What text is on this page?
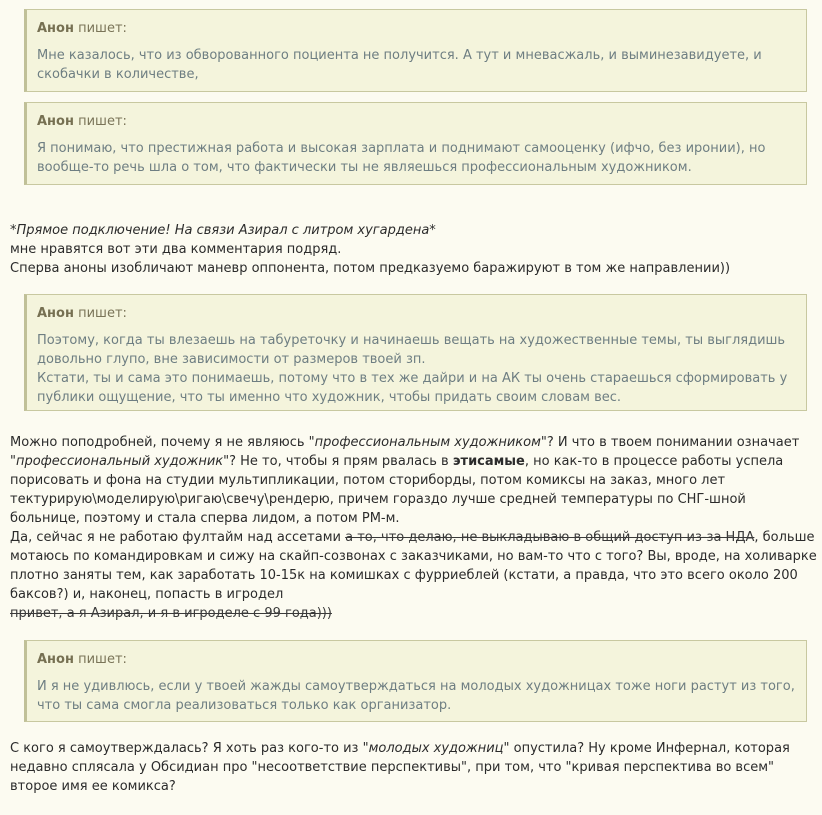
Анон пишет:

Мне казалось, что из обворованного поциента не получится. А тут и мневасжаль, и выминезавидуете, и скобачки в количестве,

Анон пишет:

Я понимаю, что престижная работа и высокая зарплата и поднимают самооценку (ифчо, без иронии), но вообще-то речь шла о том, что фактически ты не являешься профессиональным художником.

*Прямое подключение! На связи Азирал с литром хугардена*

мне нравятся вот эти два комментария подряд.

Сперва аноны изобличают маневр оппонента, потом предказуемо баражируют в том же направлении))

Анон пишет:

Поэтому, когда ты влезаешь на табуреточку и начинаешь вещать на художественные темы, ты выглядишь довольно глупо, вне зависимости от размеров твоей зп.

Кстати, ты и сама это понимаешь, потому что в тех же дайри и на АК ты очень стараешься сформировать у публики ощущение, что ты именно что художник, чтобы придать своим словам вес.

Можно поподробней, почему я не являюсь "профессиональным художником"? И что в твоем понимании означает "профессиональный художник"? Не то, чтобы я прям рвалась в этисамые, но как-то в процессе работы успела порисовать и фона на студии мультипликации, потом сториборды, потом комиксы на заказ, много лет тектурирую\моделирую\ригаю\свечу\рендерю, причем гораздо лучше средней температуры по СНГ-шной больнице, поэтому и стала сперва лидом, а потом PM-м.

Да, сейчас я не работаю фултайм над ассетами а то, что делаю, не выкладываю в общий доступ из-за НДА, больше мотаюсь по командировкам и сижу на скайп-созвонах с заказчиками, но вам-то что с того? Вы, вроде, на холиварке плотно заняты тем, как заработать 10-15к на комишках с фурриеблей (кстати, а правда, что это всего около 200 баксов?) и, наконец, попасть в игродел

привет, а я Азирал, и я в игроделе с 99 года)))

Анон пишет:

И я не удивлюсь, если у твоей жажды самоутверждаться на молодых художницах тоже ноги растут из того, что ты сама смогла реализоваться только как организатор.

С кого я самоутверждалась? Я хоть раз кого-то из "молодых художниц" опустила? Ну кроме Инфернал, которая недавно сплясала у Обсидиан про "несоответствие перспективы", при том, что "кривая перспектива во всем" второе имя ее комикса?
